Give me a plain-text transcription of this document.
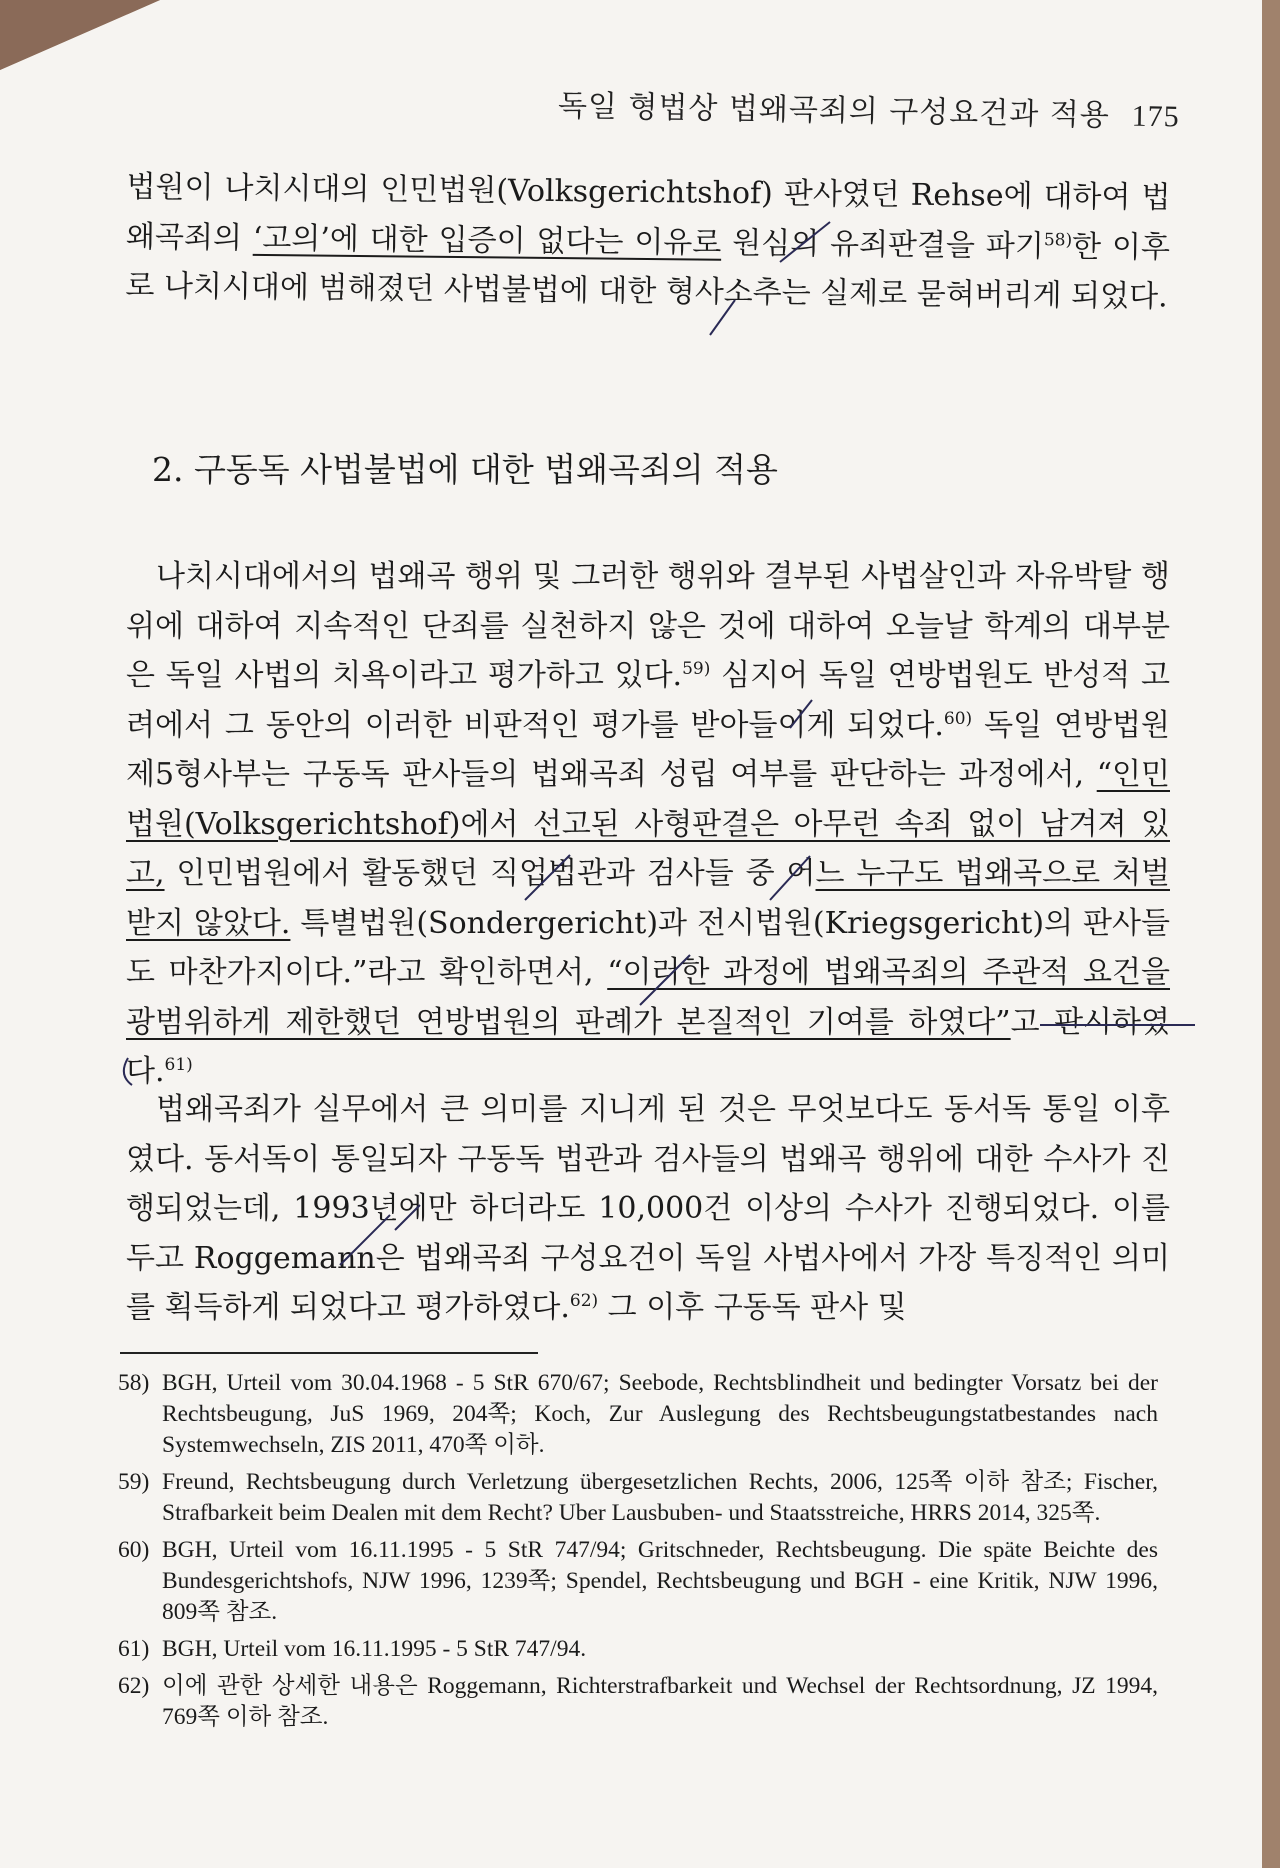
독일 형법상 법왜곡죄의 구성요건과 적용 175
법원이 나치시대의 인민법원(Volksgerichtshof) 판사였던 Rehse에 대하여 법왜곡죄의 ‘고의’에 대한 입증이 없다는 이유로 원심의 유죄판결을 파기$^{58)}$한 이후로 나치시대에 범해졌던 사법불법에 대한 형사소추는 실제로 묻혀버리게 되었다.
2. 구동독 사법불법에 대한 법왜곡죄의 적용
나치시대에서의 법왜곡 행위 및 그러한 행위와 결부된 사법살인과 자유박탈 행위에 대하여 지속적인 단죄를 실천하지 않은 것에 대하여 오늘날 학계의 대부분은 독일 사법의 치욕이라고 평가하고 있다.$^{59)}$ 심지어 독일 연방법원도 반성적 고려에서 그 동안의 이러한 비판적인 평가를 받아들이게 되었다.$^{60)}$ 독일 연방법원 제5형사부는 구동독 판사들의 법왜곡죄 성립 여부를 판단하는 과정에서, “인민법원(Volksgerichtshof)에서 선고된 사형판결은 아무런 속죄 없이 남겨져 있고, 인민법원에서 활동했던 직업법관과 검사들 중 어느 누구도 법왜곡으로 처벌받지 않았다. 특별법원(Sondergericht)과 전시법원(Kriegsgericht)의 판사들도 마찬가지이다.”라고 확인하면서, “이러한 과정에 법왜곡죄의 주관적 요건을 광범위하게 제한했던 연방법원의 판례가 본질적인 기여를 하였다”고 판시하였다.$^{61)}$
법왜곡죄가 실무에서 큰 의미를 지니게 된 것은 무엇보다도 동서독 통일 이후였다. 동서독이 통일되자 구동독 법관과 검사들의 법왜곡 행위에 대한 수사가 진행되었는데, 1993년에만 하더라도 10,000건 이상의 수사가 진행되었다. 이를 두고 Roggemann은 법왜곡죄 구성요건이 독일 사법사에서 가장 특징적인 의미를 획득하게 되었다고 평가하였다.$^{62)}$ 그 이후 구동독 판사 및
58) BGH, Urteil vom 30.04.1968 - 5 StR 670/67; Seebode, Rechtsblindheit und bedingter Vorsatz bei der Rechtsbeugung, JuS 1969, 204쪽; Koch, Zur Auslegung des Rechtsbeugungstatbestandes nach Systemwechseln, ZIS 2011, 470쪽 이하.
59) Freund, Rechtsbeugung durch Verletzung übergesetzlichen Rechts, 2006, 125쪽 이하 참조; Fischer, Strafbarkeit beim Dealen mit dem Recht? Uber Lausbuben- und Staatsstreiche, HRRS 2014, 325쪽.
60) BGH, Urteil vom 16.11.1995 - 5 StR 747/94; Gritschneder, Rechtsbeugung. Die späte Beichte des Bundesgerichtshofs, NJW 1996, 1239쪽; Spendel, Rechtsbeugung und BGH - eine Kritik, NJW 1996, 809쪽 참조.
61) BGH, Urteil vom 16.11.1995 - 5 StR 747/94.
62) 이에 관한 상세한 내용은 Roggemann, Richterstrafbarkeit und Wechsel der Rechtsordnung, JZ 1994, 769쪽 이하 참조.
